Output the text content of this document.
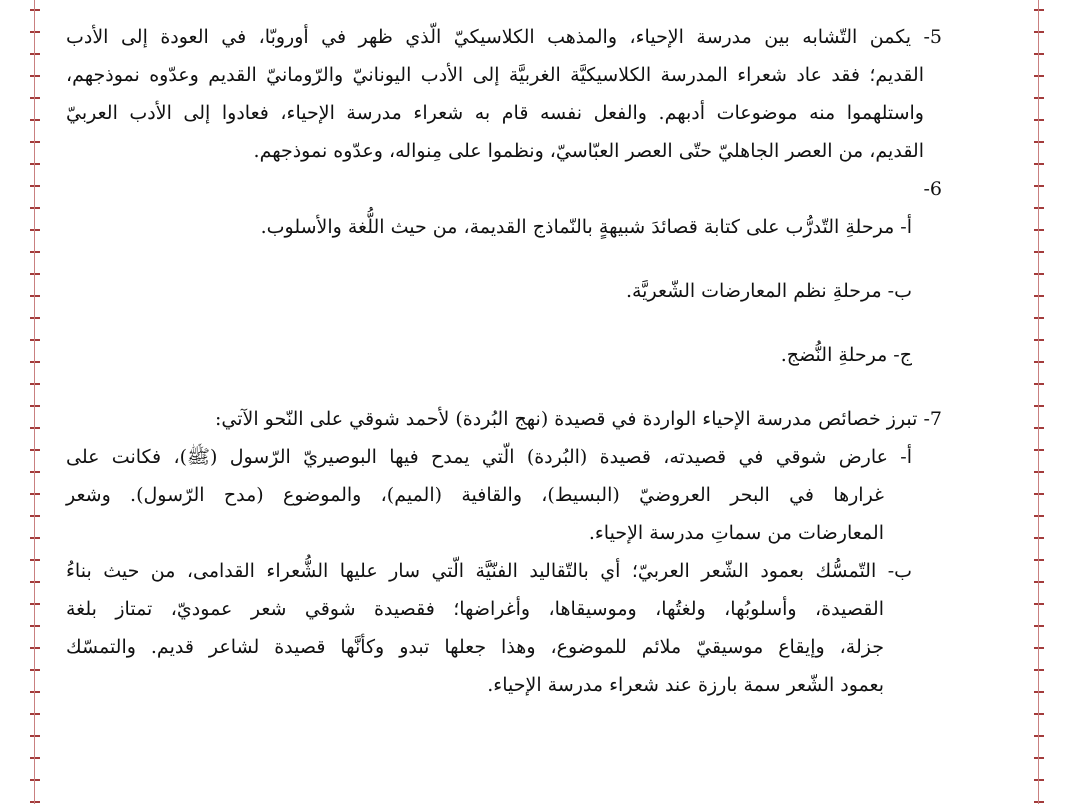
5- يكمن التّشابه بين مدرسة الإحياء، والمذهب الكلاسيكيّ الّذي ظهر في أوروبّا، في العودة إلى الأدب
القديم؛ فقد عاد شعراء المدرسة الكلاسيكيَّة الغربيَّة إلى الأدب اليونانيّ والرّومانيّ القديم وعدّوه نموذجهم،
واستلهموا منه موضوعات أدبهم. والفعل نفسه قام به شعراء مدرسة الإحياء، فعادوا إلى الأدب العربيّ
القديم، من العصر الجاهليّ حتّى العصر العبّاسيّ، ونظموا على مِنواله، وعدّوه نموذجهم.
6-
أ- مرحلةِ التّدرُّب على كتابة قصائدَ شبيهةٍ بالنّماذج القديمة، من حيث اللُّغة والأسلوب.
ب- مرحلةِ نظم المعارضات الشّعريَّة.
ج- مرحلةِ النُّضج.
7- تبرز خصائص مدرسة الإحياء الواردة في قصيدة (نهج البُردة) لأحمد شوقي على النّحو الآتي:
أ- عارض شوقي في قصيدته، قصيدة (البُردة) الّتي يمدح فيها البوصيريّ الرّسول (ﷺ)، فكانت على
غرارها في البحر العروضيّ (البسيط)، والقافية (الميم)، والموضوع (مدح الرّسول). وشعر
المعارضات من سماتِ مدرسة الإحياء.
ب- التّمسُّك بعمود الشّعر العربيّ؛ أي بالتّقاليد الفنّيَّة الّتي سار عليها الشُّعراء القدامى، من حيث بناءُ
القصيدة، وأسلوبُها، ولغتُها، وموسيقاها، وأغراضها؛ فقصيدة شوقي شعر عموديّ، تمتاز بلغة
جزلة، وإيقاع موسيقيّ ملائم للموضوع، وهذا جعلها تبدو وكأنَّها قصيدة لشاعر قديم. والتمسّك
بعمود الشّعر سمة بارزة عند شعراء مدرسة الإحياء.
